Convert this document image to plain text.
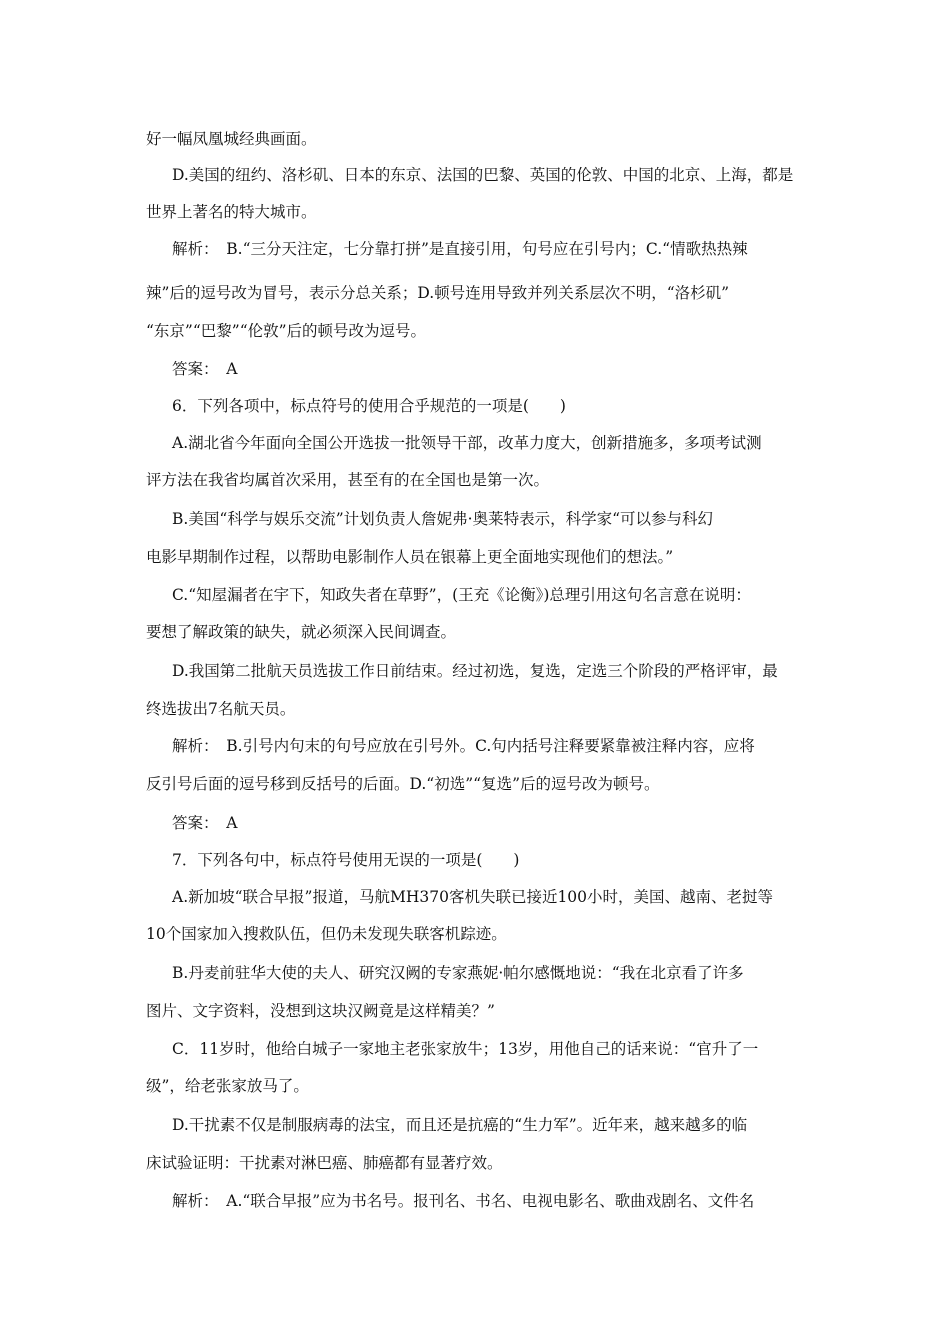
好一幅凤凰城经典画面。
D.美国的纽约、洛杉矶、日本的东京、法国的巴黎、英国的伦敦、中国的北京、上海，都是
世界上著名的特大城市。
解析：　B.“三分天注定，七分靠打拼”是直接引用，句号应在引号内；C.“情歌热热辣
辣”后的逗号改为冒号，表示分总关系；D.顿号连用导致并列关系层次不明，“洛杉矶”
“东京”“巴黎”“伦敦”后的顿号改为逗号。
答案：　A
6．下列各项中，标点符号的使用合乎规范的一项是(　　)
A.湖北省今年面向全国公开选拔一批领导干部，改革力度大，创新措施多，多项考试测
评方法在我省均属首次采用，甚至有的在全国也是第一次。
B.美国“科学与娱乐交流”计划负责人詹妮弗·奥莱特表示，科学家“可以参与科幻
电影早期制作过程，以帮助电影制作人员在银幕上更全面地实现他们的想法。”
C.“知屋漏者在宇下，知政失者在草野”，(王充《论衡》)总理引用这句名言意在说明：
要想了解政策的缺失，就必须深入民间调查。
D.我国第二批航天员选拔工作日前结束。经过初选，复选，定选三个阶段的严格评审，最
终选拔出7名航天员。
解析：　B.引号内句末的句号应放在引号外。C.句内括号注释要紧靠被注释内容，应将
反引号后面的逗号移到反括号的后面。D.“初选”“复选”后的逗号改为顿号。
答案：　A
7．下列各句中，标点符号使用无误的一项是(　　)
A.新加坡“联合早报”报道，马航MH370客机失联已接近100小时，美国、越南、老挝等
10个国家加入搜救队伍，但仍未发现失联客机踪迹。
B.丹麦前驻华大使的夫人、研究汉阙的专家燕妮·帕尔感慨地说：“我在北京看了许多
图片、文字资料，没想到这块汉阙竟是这样精美？”
C．11岁时，他给白城子一家地主老张家放牛；13岁，用他自己的话来说：“官升了一
级”，给老张家放马了。
D.干扰素不仅是制服病毒的法宝，而且还是抗癌的“生力军”。近年来，越来越多的临
床试验证明：干扰素对淋巴癌、肺癌都有显著疗效。
解析：　A.“联合早报”应为书名号。报刊名、书名、电视电影名、歌曲戏剧名、文件名
